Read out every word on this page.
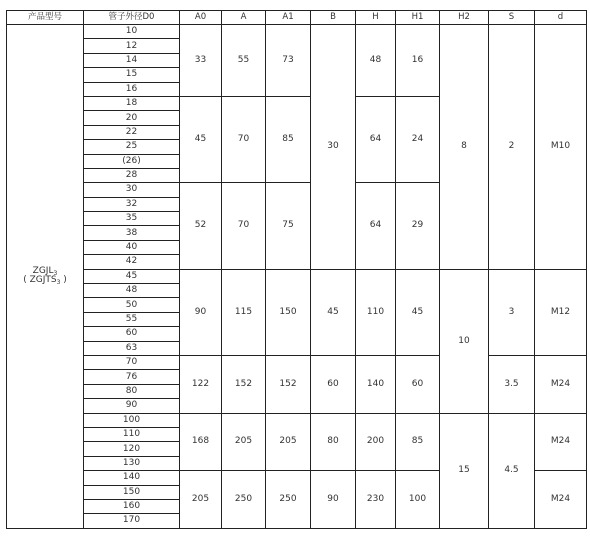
产品型号	管子外径D0	A0	A	A1	B	H	H1	H2	S	d

$ZGJL_3$
( $ZGJTS_3$ )	10	33	55	73	30	48	16	8	2	M10
	12									
	14									
	15									
	16									
	18	45	70	85		64	24			
	20									
	22									
	25									
	(26)									
	28									
	30	52	70	75		64	29			
	32									
	35									
	38									
	40									
	42									
	45	90	115	150	45	110	45	10	3	M12
	48									
	50									
	55									
	60									
	63									
	70	122	152	152	60	140	60		3.5	M24
	76									
	80									
	90									
	100	168	205	205	80	200	85	15	4.5	M24
	110									
	120									
	130									
	140	205	250	250	90	230	100			M24
	150									
	160									
	170									
